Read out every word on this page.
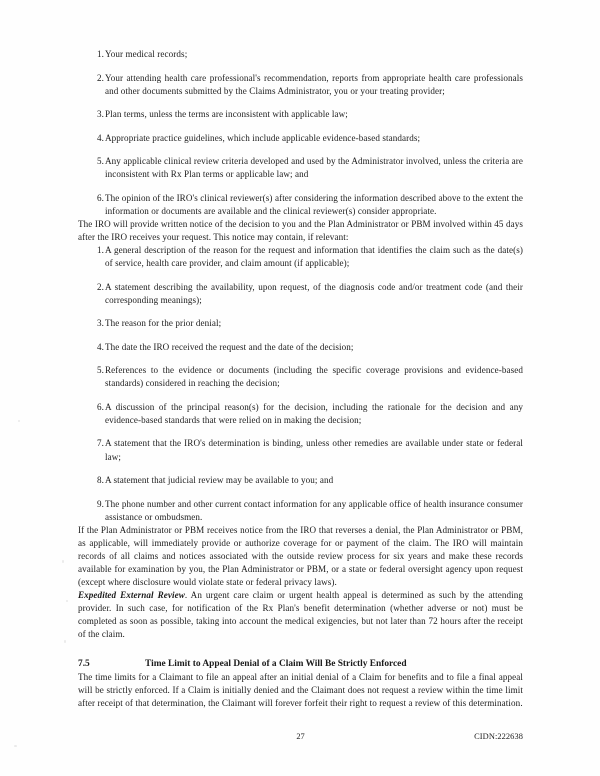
1. Your medical records;
2. Your attending health care professional's recommendation, reports from appropriate health care professionals and other documents submitted by the Claims Administrator, you or your treating provider;
3. Plan terms, unless the terms are inconsistent with applicable law;
4. Appropriate practice guidelines, which include applicable evidence-based standards;
5. Any applicable clinical review criteria developed and used by the Administrator involved, unless the criteria are inconsistent with Rx Plan terms or applicable law; and
6. The opinion of the IRO's clinical reviewer(s) after considering the information described above to the extent the information or documents are available and the clinical reviewer(s) consider appropriate.

The IRO will provide written notice of the decision to you and the Plan Administrator or PBM involved within 45 days after the IRO receives your request. This notice may contain, if relevant:

1. A general description of the reason for the request and information that identifies the claim such as the date(s) of service, health care provider, and claim amount (if applicable);
2. A statement describing the availability, upon request, of the diagnosis code and/or treatment code (and their corresponding meanings);
3. The reason for the prior denial;
4. The date the IRO received the request and the date of the decision;
5. References to the evidence or documents (including the specific coverage provisions and evidence-based standards) considered in reaching the decision;
6. A discussion of the principal reason(s) for the decision, including the rationale for the decision and any evidence-based standards that were relied on in making the decision;
7. A statement that the IRO's determination is binding, unless other remedies are available under state or federal law;
8. A statement that judicial review may be available to you; and
9. The phone number and other current contact information for any applicable office of health insurance consumer assistance or ombudsmen.

If the Plan Administrator or PBM receives notice from the IRO that reverses a denial, the Plan Administrator or PBM, as applicable, will immediately provide or authorize coverage for or payment of the claim. The IRO will maintain records of all claims and notices associated with the outside review process for six years and make these records available for examination by you, the Plan Administrator or PBM, or a state or federal oversight agency upon request (except where disclosure would violate state or federal privacy laws).

Expedited External Review. An urgent care claim or urgent health appeal is determined as such by the attending provider. In such case, for notification of the Rx Plan's benefit determination (whether adverse or not) must be completed as soon as possible, taking into account the medical exigencies, but not later than 72 hours after the receipt of the claim.

7.5	Time Limit to Appeal Denial of a Claim Will Be Strictly Enforced

The time limits for a Claimant to file an appeal after an initial denial of a Claim for benefits and to file a final appeal will be strictly enforced. If a Claim is initially denied and the Claimant does not request a review within the time limit after receipt of that determination, the Claimant will forever forfeit their right to request a review of this determination.

27	CIDN:222638
